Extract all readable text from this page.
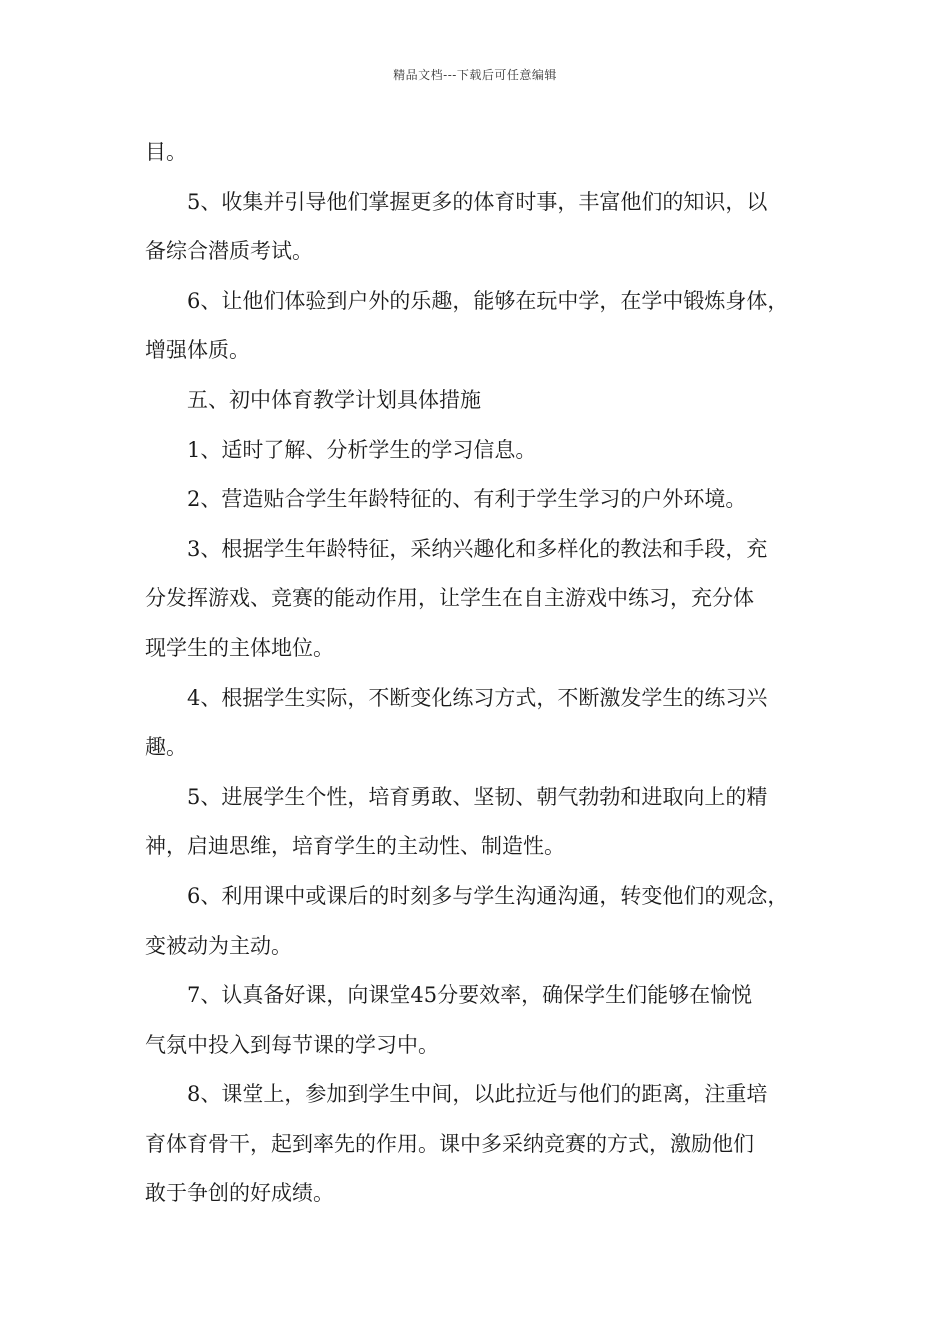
精品文档---下载后可任意编辑
目。
5、收集并引导他们掌握更多的体育时事，丰富他们的知识，以
备综合潜质考试。
6、让他们体验到户外的乐趣，能够在玩中学，在学中锻炼身体，
增强体质。
五、初中体育教学计划具体措施
1、适时了解、分析学生的学习信息。
2、营造贴合学生年龄特征的、有利于学生学习的户外环境。
3、根据学生年龄特征，采纳兴趣化和多样化的教法和手段，充
分发挥游戏、竞赛的能动作用，让学生在自主游戏中练习，充分体
现学生的主体地位。
4、根据学生实际，不断变化练习方式，不断激发学生的练习兴
趣。
5、进展学生个性，培育勇敢、坚韧、朝气勃勃和进取向上的精
神，启迪思维，培育学生的主动性、制造性。
6、利用课中或课后的时刻多与学生沟通沟通，转变他们的观念，
变被动为主动。
7、认真备好课，向课堂45分要效率，确保学生们能够在愉悦
气氛中投入到每节课的学习中。
8、课堂上，参加到学生中间，以此拉近与他们的距离，注重培
育体育骨干，起到率先的作用。课中多采纳竞赛的方式，激励他们
敢于争创的好成绩。
